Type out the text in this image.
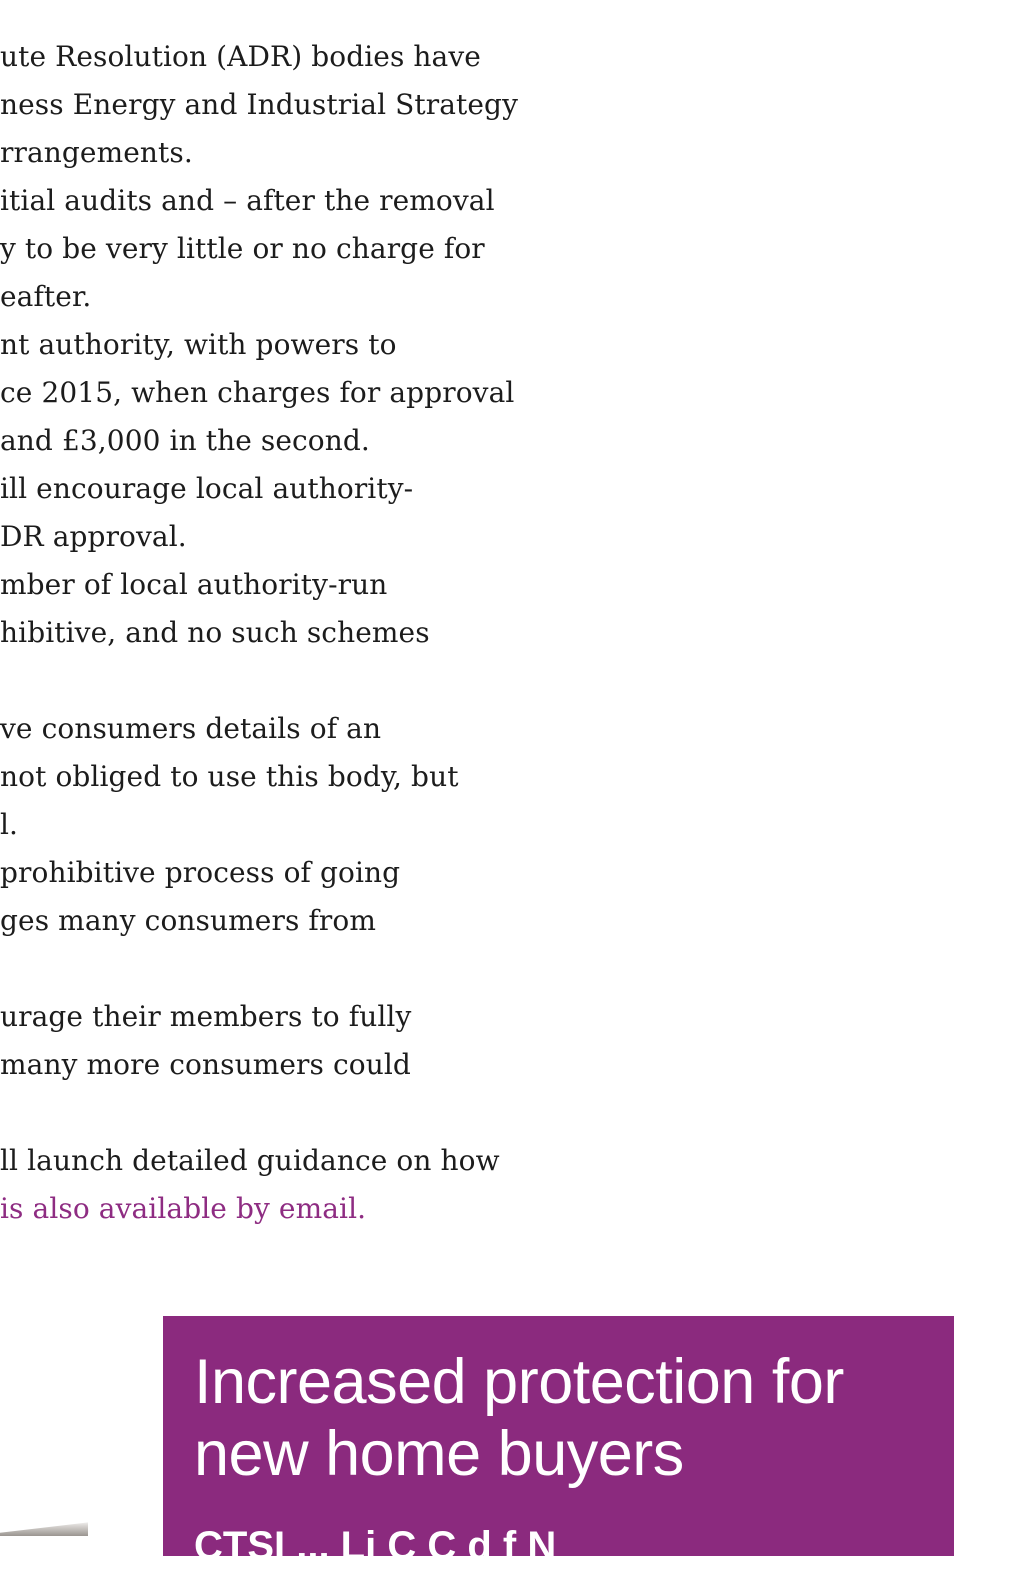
ute Resolution (ADR) bodies have
ness Energy and Industrial Strategy
rrangements.
itial audits and – after the removal
y to be very little or no charge for
eafter.
nt authority, with powers to
ce 2015, when charges for approval
and £3,000 in the second.
ill encourage local authority-
DR approval.
mber of local authority-run
hibitive, and no such schemes
ve consumers details of an
not obliged to use this body, but
l.
prohibitive process of going
ges many consumers from
urage their members to fully
many more consumers could
ll launch detailed guidance on how
is also available by email.
Increased protection for new home buyers
CTSI ... Li C C d f N
